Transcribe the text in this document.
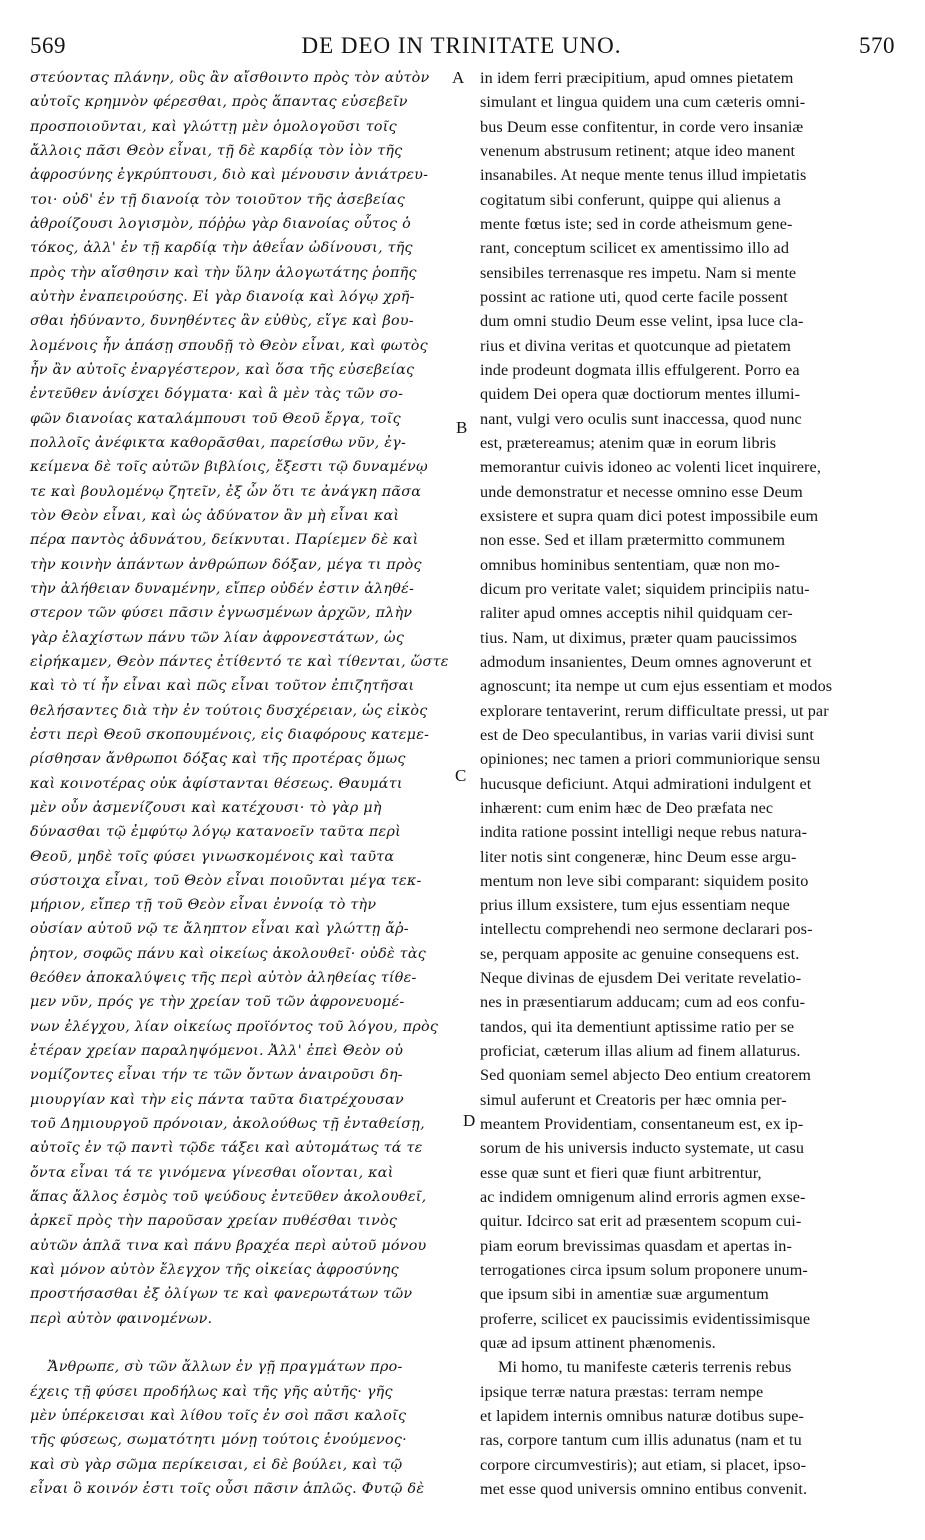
569	DE DEO IN TRINITATE UNO.	570
A
B
C
D
στεύοντας πλάνην, οὓς ἂν αἴσθοιντο πρὸς τὸν αὐτὸν
αὐτοῖς κρημνὸν φέρεσθαι, πρὸς ἅπαντας εὐσεβεῖν
προσποιοῦνται, καὶ γλώττῃ μὲν ὁμολογοῦσι τοῖς
ἄλλοις πᾶσι Θεὸν εἶναι, τῇ δὲ καρδίᾳ τὸν ἰὸν τῆς
ἀφροσύνης ἐγκρύπτουσι, διὸ καὶ μένουσιν ἀνιάτρευ-
τοι· οὐδ' ἐν τῇ διανοίᾳ τὸν τοιοῦτον τῆς ἀσεβείας
ἀθροίζουσι λογισμὸν, πόῤῥω γὰρ διανοίας οὗτος ὁ
τόκος, ἀλλ' ἐν τῇ καρδίᾳ τὴν ἀθεΐαν ὠδίνουσι, τῆς
πρὸς τὴν αἴσθησιν καὶ τὴν ὕλην ἀλογωτάτης ῥοπῆς
αὐτὴν ἐναπειρούσης. Εἰ γὰρ διανοίᾳ καὶ λόγῳ χρῆ-
σθαι ἠδύναντο, δυνηθέντες ἂν εὐθὺς, εἴγε καὶ βου-
λομένοις ἦν ἁπάσῃ σπουδῇ τὸ Θεὸν εἶναι, καὶ φωτὸς
ἦν ἂν αὐτοῖς ἐναργέστερον, καὶ ὅσα τῆς εὐσεβείας
ἐντεῦθεν ἀνίσχει δόγματα· καὶ ἃ μὲν τὰς τῶν σο-
φῶν διανοίας καταλάμπουσι τοῦ Θεοῦ ἔργα, τοῖς
πολλοῖς ἀνέφικτα καθορᾶσθαι, παρείσθω νῦν, ἐγ-
κείμενα δὲ τοῖς αὐτῶν βιβλίοις, ἔξεστι τῷ δυναμένῳ
τε καὶ βουλομένῳ ζητεῖν, ἐξ ὧν ὅτι τε ἀνάγκη πᾶσα
τὸν Θεὸν εἶναι, καὶ ὡς ἀδύνατον ἂν μὴ εἶναι καὶ
πέρα παντὸς ἀδυνάτου, δείκνυται. Παρίεμεν δὲ καὶ
τὴν κοινὴν ἁπάντων ἀνθρώπων δόξαν, μέγα τι πρὸς
τὴν ἀλήθειαν δυναμένην, εἴπερ οὐδέν ἐστιν ἀληθέ-
στερον τῶν φύσει πᾶσιν ἐγνωσμένων ἀρχῶν, πλὴν
γὰρ ἐλαχίστων πάνυ τῶν λίαν ἀφρονεστάτων, ὡς
εἰρήκαμεν, Θεὸν πάντες ἐτίθεντό τε καὶ τίθενται, ὥστε
καὶ τὸ τί ἦν εἶναι καὶ πῶς εἶναι τοῦτον ἐπιζητῆσαι
θελήσαντες διὰ τὴν ἐν τούτοις δυσχέρειαν, ὡς εἰκὸς
ἐστι περὶ Θεοῦ σκοπουμένοις, εἰς διαφόρους κατεμε-
ρίσθησαν ἄνθρωποι δόξας καὶ τῆς προτέρας ὅμως
καὶ κοινοτέρας οὐκ ἀφίστανται θέσεως. Θαυμάτι
μὲν οὖν ἀσμενίζουσι καὶ κατέχουσι· τὸ γὰρ μὴ
δύνασθαι τῷ ἐμφύτῳ λόγῳ κατανοεῖν ταῦτα περὶ
Θεοῦ, μηδὲ τοῖς φύσει γινωσκομένοις καὶ ταῦτα
σύστοιχα εἶναι, τοῦ Θεὸν εἶναι ποιοῦνται μέγα τεκ-
μήριον, εἴπερ τῇ τοῦ Θεὸν εἶναι ἐννοίᾳ τὸ τὴν
οὐσίαν αὐτοῦ νῷ τε ἄληπτον εἶναι καὶ γλώττῃ ἄῤ-
ῥητον, σοφῶς πάνυ καὶ οἰκείως ἀκολουθεῖ· οὐδὲ τὰς
θεόθεν ἀποκαλύψεις τῆς περὶ αὐτὸν ἀληθείας τίθε-
μεν νῦν, πρός γε τὴν χρείαν τοῦ τῶν ἀφρονευομέ-
νων ἐλέγχου, λίαν οἰκείως προϊόντος τοῦ λόγου, πρὸς
ἑτέραν χρείαν παραληψόμενοι. Ἀλλ' ἐπεὶ Θεὸν οὐ
νομίζοντες εἶναι τήν τε τῶν ὄντων ἀναιροῦσι δη-
μιουργίαν καὶ τὴν εἰς πάντα ταῦτα διατρέχουσαν
τοῦ Δημιουργοῦ πρόνοιαν, ἀκολούθως τῇ ἐνταθείσῃ,
αὐτοῖς ἐν τῷ παντὶ τῷδε τάξει καὶ αὐτομάτως τά τε
ὄντα εἶναι τά τε γινόμενα γίνεσθαι οἴονται, καὶ
ἅπας ἄλλος ἑσμὸς τοῦ ψεύδους ἐντεῦθεν ἀκολουθεῖ,
ἀρκεῖ πρὸς τὴν παροῦσαν χρείαν πυθέσθαι τινὸς
αὐτῶν ἁπλᾶ τινα καὶ πάνυ βραχέα περὶ αὐτοῦ μόνου
καὶ μόνον αὐτὸν ἔλεγχον τῆς οἰκείας ἀφροσύνης
προστήσασθαι ἐξ ὀλίγων τε καὶ φανερωτάτων τῶν
περὶ αὐτὸν φαινομένων.
Ἄνθρωπε, σὺ τῶν ἄλλων ἐν γῇ πραγμάτων προ-
έχεις τῇ φύσει προδήλως καὶ τῆς γῆς αὐτῆς· γῆς
μὲν ὑπέρκεισαι καὶ λίθου τοῖς ἐν σοὶ πᾶσι καλοῖς
τῆς φύσεως, σωματότητι μόνῃ τούτοις ἑνούμενος·
καὶ σὺ γὰρ σῶμα περίκεισαι, εἰ δὲ βούλει, καὶ τῷ
εἶναι ὃ κοινόν ἐστι τοῖς οὖσι πᾶσιν ἁπλῶς. Φυτῷ δὲ
in idem ferri præcipitium, apud omnes pietatem
simulant et lingua quidem una cum cæteris omni-
bus Deum esse confitentur, in corde vero insaniæ
venenum abstrusum retinent; atque ideo manent
insanabiles. At neque mente tenus illud impietatis
cogitatum sibi conferunt, quippe qui alienus a
mente fœtus iste; sed in corde atheismum gene-
rant, conceptum scilicet ex amentissimo illo ad
sensibiles terrenasque res impetu. Nam si mente
possint ac ratione uti, quod certe facile possent
dum omni studio Deum esse velint, ipsa luce cla-
rius et divina veritas et quotcunque ad pietatem
inde prodeunt dogmata illis effulgerent. Porro ea
quidem Dei opera quæ doctiorum mentes illumi-
nant, vulgi vero oculis sunt inaccessa, quod nunc
est, prætereamus; atenim quæ in eorum libris
memorantur cuivis idoneo ac volenti licet inquirere,
unde demonstratur et necesse omnino esse Deum
exsistere et supra quam dici potest impossibile eum
non esse. Sed et illam prætermitto communem
omnibus hominibus sententiam, quæ non mo-
dicum pro veritate valet; siquidem principiis natu-
raliter apud omnes acceptis nihil quidquam cer-
tius. Nam, ut diximus, præter quam paucissimos
admodum insanientes, Deum omnes agnoverunt et
agnoscunt; ita nempe ut cum ejus essentiam et modos
explorare tentaverint, rerum difficultate pressi, ut par
est de Deo speculantibus, in varias varii divisi sunt
opiniones; nec tamen a priori communiorique sensu
hucusque deficiunt. Atqui admirationi indulgent et
inhærent: cum enim hæc de Deo præfata nec
indita ratione possint intelligi neque rebus natura-
liter notis sint congeneræ, hinc Deum esse argu-
mentum non leve sibi comparant: siquidem posito
prius illum exsistere, tum ejus essentiam neque
intellectu comprehendi neo sermone declarari pos-
se, perquam apposite ac genuine consequens est.
Neque divinas de ejusdem Dei veritate revelatio-
nes in præsentiarum adducam; cum ad eos confu-
tandos, qui ita dementiunt aptissime ratio per se
proficiat, cæterum illas alium ad finem allaturus.
Sed quoniam semel abjecto Deo entium creatorem
simul auferunt et Creatoris per hæc omnia per-
meantem Providentiam, consentaneum est, ex ip-
sorum de his universis inducto systemate, ut casu
esse quæ sunt et fieri quæ fiunt arbitrentur,
ac indidem omnigenum alind erroris agmen exse-
quitur. Idcirco sat erit ad præsentem scopum cui-
piam eorum brevissimas quasdam et apertas in-
terrogationes circa ipsum solum proponere unum-
que ipsum sibi in amentiæ suæ argumentum
proferre, scilicet ex paucissimis evidentissimisque
quæ ad ipsum attinent phænomenis.
Mi homo, tu manifeste cæteris terrenis rebus
ipsique terræ natura præstas: terram nempe
et lapidem internis omnibus naturæ dotibus supe-
ras, corpore tantum cum illis adunatus (nam et tu
corpore circumvestiris); aut etiam, si placet, ipso-
met esse quod universis omnino entibus convenit.
